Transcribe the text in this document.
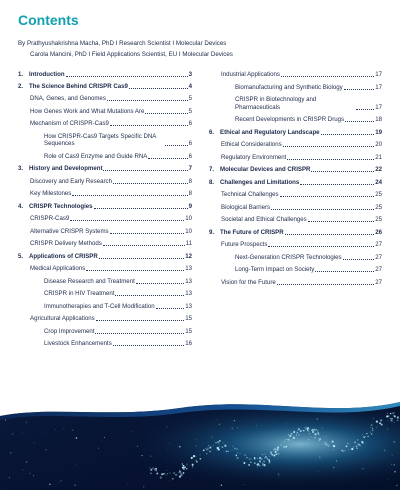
Contents
By Prathyushakrishna Macha, PhD I Research Scientist I Molecular Devices
Carola Mancini, PhD I Field Applications Scientist, EU I Molecular Devices
1. Introduction	3
2. The Science Behind CRISPR Cas9	4
DNA, Genes, and Genomes	5
How Genes Work and What Mutations Are	5
Mechanism of CRISPR-Cas9	6
How CRISPR-Cas9 Targets Specific DNA Sequences	6
Role of Cas9 Enzyme and Guide RNA	6
3. History and Development	7
Discovery and Early Research	8
Key Milestones	8
4. CRISPR Technologies	9
CRISPR-Cas9	10
Alternative CRISPR Systems	10
CRISPR Delivery Methods	11
5. Applications of CRISPR	12
Medical Applications	13
Disease Research and Treatment	13
CRISPR in HIV Treatment	13
Immunotherapies and T-Cell Modification	13
Agricultural Applications	15
Crop Improvement	15
Livestock Enhancements	16
Industrial Applications	17
Biomanufacturing and Synthetic Biology	17
CRISPR in Biotechnology and Pharmaceuticals	17
Recent Developments in CRISPR Drugs	18
6. Ethical and Regulatory Landscape	19
Ethical Considerations	20
Regulatory Environment	21
7. Molecular Devices and CRISPR	22
8. Challenges and Limitations	24
Technical Challenges	25
Biological Barriers	25
Societal and Ethical Challenges	25
9. The Future of CRISPR	26
Future Prospects	27
Next-Generation CRISPR Technologies	27
Long-Term Impact on Society	27
Vision for the Future	27
